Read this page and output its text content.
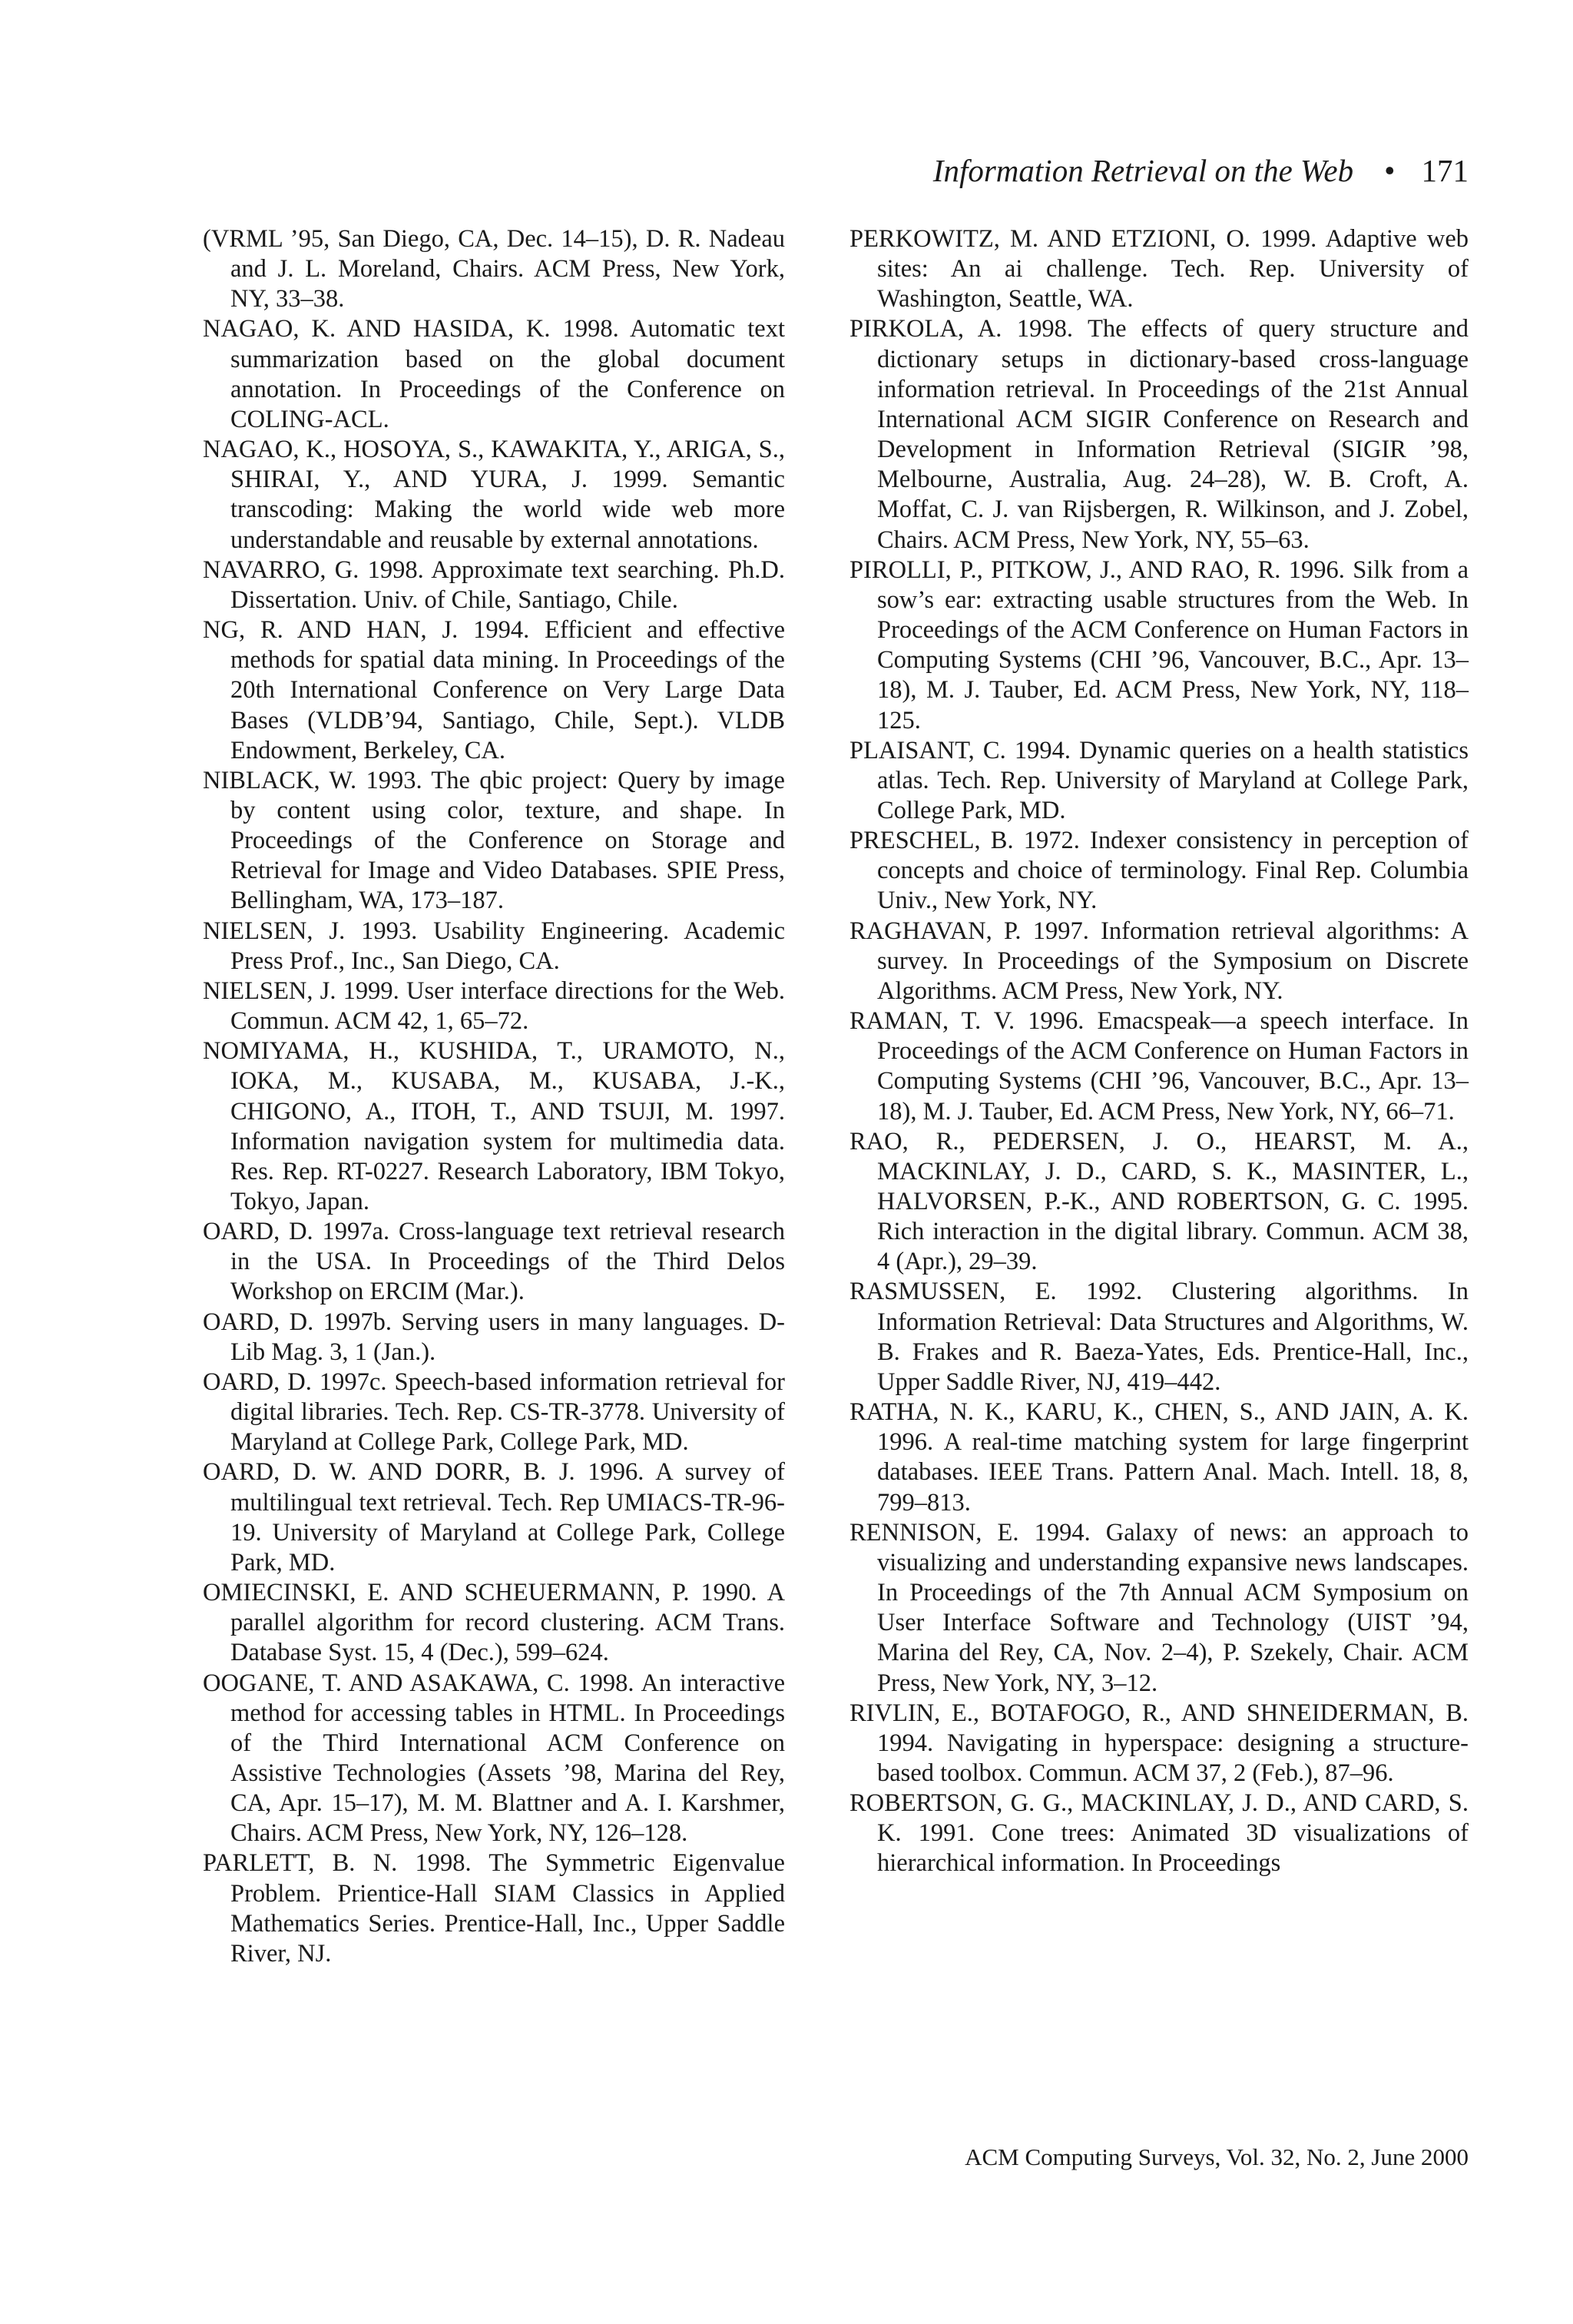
Information Retrieval on the Web • 171

(VRML ’95, San Diego, CA, Dec. 14–15), D. R. Nadeau and J. L. Moreland, Chairs. ACM Press, New York, NY, 33–38.

NAGAO, K. AND HASIDA, K. 1998. Automatic text summarization based on the global document annotation. In Proceedings of the Conference on COLING-ACL.

NAGAO, K., HOSOYA, S., KAWAKITA, Y., ARIGA, S., SHIRAI, Y., AND YURA, J. 1999. Semantic transcoding: Making the world wide web more understandable and reusable by external annotations.

NAVARRO, G. 1998. Approximate text searching. Ph.D. Dissertation. Univ. of Chile, Santiago, Chile.

NG, R. AND HAN, J. 1994. Efficient and effective methods for spatial data mining. In Proceedings of the 20th International Conference on Very Large Data Bases (VLDB’94, Santiago, Chile, Sept.). VLDB Endowment, Berkeley, CA.

NIBLACK, W. 1993. The qbic project: Query by image by content using color, texture, and shape. In Proceedings of the Conference on Storage and Retrieval for Image and Video Databases. SPIE Press, Bellingham, WA, 173–187.

NIELSEN, J. 1993. Usability Engineering. Academic Press Prof., Inc., San Diego, CA.

NIELSEN, J. 1999. User interface directions for the Web. Commun. ACM 42, 1, 65–72.

NOMIYAMA, H., KUSHIDA, T., URAMOTO, N., IOKA, M., KUSABA, M., KUSABA, J.-K., CHIGONO, A., ITOH, T., AND TSUJI, M. 1997. Information navigation system for multimedia data. Res. Rep. RT-0227. Research Laboratory, IBM Tokyo, Tokyo, Japan.

OARD, D. 1997a. Cross-language text retrieval research in the USA. In Proceedings of the Third Delos Workshop on ERCIM (Mar.).

OARD, D. 1997b. Serving users in many languages. D-Lib Mag. 3, 1 (Jan.).

OARD, D. 1997c. Speech-based information retrieval for digital libraries. Tech. Rep. CS-TR-3778. University of Maryland at College Park, College Park, MD.

OARD, D. W. AND DORR, B. J. 1996. A survey of multilingual text retrieval. Tech. Rep UMIACS-TR-96-19. University of Maryland at College Park, College Park, MD.

OMIECINSKI, E. AND SCHEUERMANN, P. 1990. A parallel algorithm for record clustering. ACM Trans. Database Syst. 15, 4 (Dec.), 599–624.

OOGANE, T. AND ASAKAWA, C. 1998. An interactive method for accessing tables in HTML. In Proceedings of the Third International ACM Conference on Assistive Technologies (Assets ’98, Marina del Rey, CA, Apr. 15–17), M. M. Blattner and A. I. Karshmer, Chairs. ACM Press, New York, NY, 126–128.

PARLETT, B. N. 1998. The Symmetric Eigenvalue Problem. Prientice-Hall SIAM Classics in Applied Mathematics Series. Prentice-Hall, Inc., Upper Saddle River, NJ.

PERKOWITZ, M. AND ETZIONI, O. 1999. Adaptive web sites: An ai challenge. Tech. Rep. University of Washington, Seattle, WA.

PIRKOLA, A. 1998. The effects of query structure and dictionary setups in dictionary-based cross-language information retrieval. In Proceedings of the 21st Annual International ACM SIGIR Conference on Research and Development in Information Retrieval (SIGIR ’98, Melbourne, Australia, Aug. 24–28), W. B. Croft, A. Moffat, C. J. van Rijsbergen, R. Wilkinson, and J. Zobel, Chairs. ACM Press, New York, NY, 55–63.

PIROLLI, P., PITKOW, J., AND RAO, R. 1996. Silk from a sow’s ear: extracting usable structures from the Web. In Proceedings of the ACM Conference on Human Factors in Computing Systems (CHI ’96, Vancouver, B.C., Apr. 13–18), M. J. Tauber, Ed. ACM Press, New York, NY, 118–125.

PLAISANT, C. 1994. Dynamic queries on a health statistics atlas. Tech. Rep. University of Maryland at College Park, College Park, MD.

PRESCHEL, B. 1972. Indexer consistency in perception of concepts and choice of terminology. Final Rep. Columbia Univ., New York, NY.

RAGHAVAN, P. 1997. Information retrieval algorithms: A survey. In Proceedings of the Symposium on Discrete Algorithms. ACM Press, New York, NY.

RAMAN, T. V. 1996. Emacspeak—a speech interface. In Proceedings of the ACM Conference on Human Factors in Computing Systems (CHI ’96, Vancouver, B.C., Apr. 13–18), M. J. Tauber, Ed. ACM Press, New York, NY, 66–71.

RAO, R., PEDERSEN, J. O., HEARST, M. A., MACKINLAY, J. D., CARD, S. K., MASINTER, L., HALVORSEN, P.-K., AND ROBERTSON, G. C. 1995. Rich interaction in the digital library. Commun. ACM 38, 4 (Apr.), 29–39.

RASMUSSEN, E. 1992. Clustering algorithms. In Information Retrieval: Data Structures and Algorithms, W. B. Frakes and R. Baeza-Yates, Eds. Prentice-Hall, Inc., Upper Saddle River, NJ, 419–442.

RATHA, N. K., KARU, K., CHEN, S., AND JAIN, A. K. 1996. A real-time matching system for large fingerprint databases. IEEE Trans. Pattern Anal. Mach. Intell. 18, 8, 799–813.

RENNISON, E. 1994. Galaxy of news: an approach to visualizing and understanding expansive news landscapes. In Proceedings of the 7th Annual ACM Symposium on User Interface Software and Technology (UIST ’94, Marina del Rey, CA, Nov. 2–4), P. Szekely, Chair. ACM Press, New York, NY, 3–12.

RIVLIN, E., BOTAFOGO, R., AND SHNEIDERMAN, B. 1994. Navigating in hyperspace: designing a structure-based toolbox. Commun. ACM 37, 2 (Feb.), 87–96.

ROBERTSON, G. G., MACKINLAY, J. D., AND CARD, S. K. 1991. Cone trees: Animated 3D visualizations of hierarchical information. In Proceedings

ACM Computing Surveys, Vol. 32, No. 2, June 2000
